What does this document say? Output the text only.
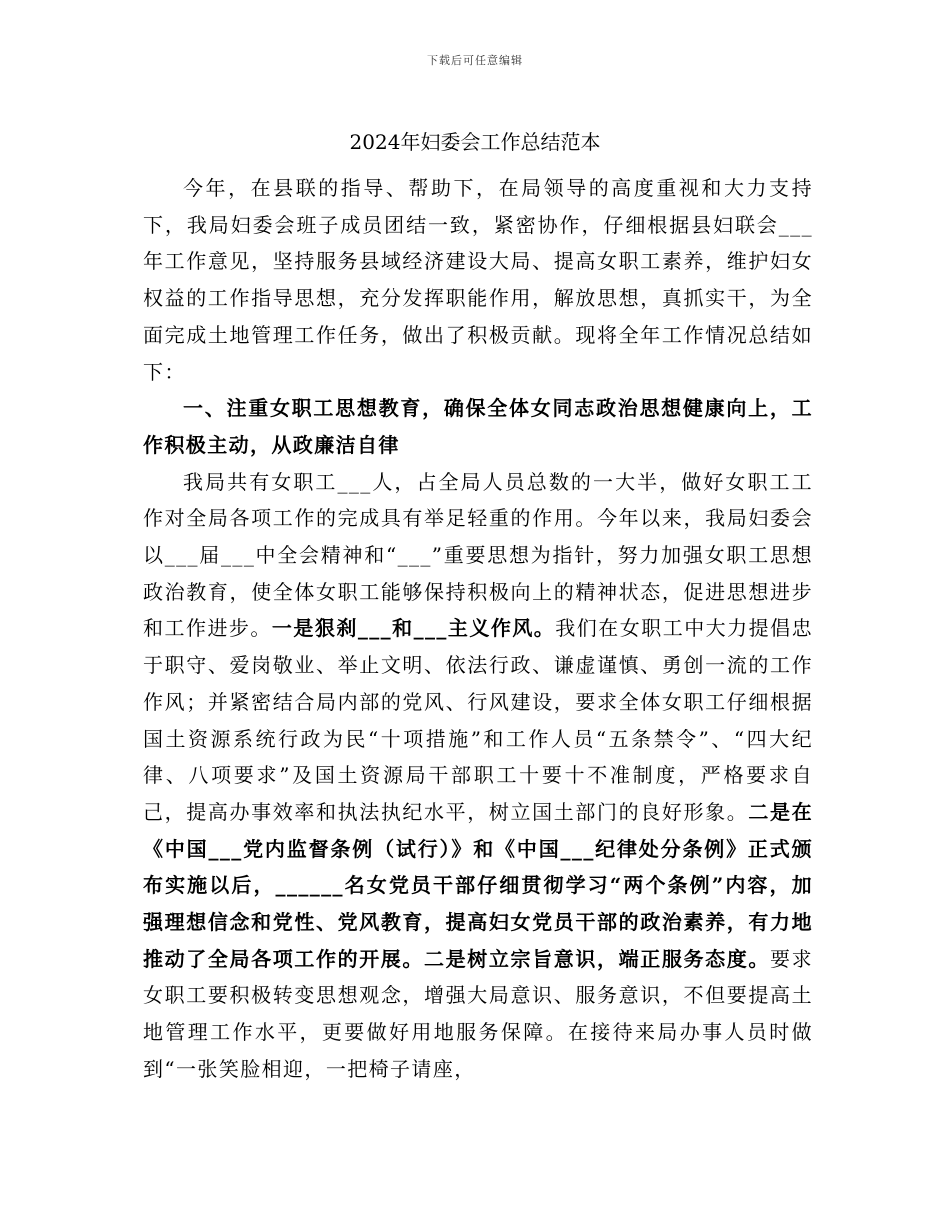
下载后可任意编辑
2024年妇委会工作总结范本

今年，在县联的指导、帮助下，在局领导的高度重视和大力支持下，我局妇委会班子成员团结一致，紧密协作，仔细根据县妇联会___年工作意见，坚持服务县域经济建设大局、提高女职工素养，维护妇女权益的工作指导思想，充分发挥职能作用，解放思想，真抓实干，为全面完成土地管理工作任务，做出了积极贡献。现将全年工作情况总结如下：

一、注重女职工思想教育，确保全体女同志政治思想健康向上，工作积极主动，从政廉洁自律

我局共有女职工___人，占全局人员总数的一大半，做好女职工工作对全局各项工作的完成具有举足轻重的作用。今年以来，我局妇委会以___届___中全会精神和“___”重要思想为指针，努力加强女职工思想政治教育，使全体女职工能够保持积极向上的精神状态，促进思想进步和工作进步。一是狠刹___和___主义作风。我们在女职工中大力提倡忠于职守、爱岗敬业、举止文明、依法行政、谦虚谨慎、勇创一流的工作作风；并紧密结合局内部的党风、行风建设，要求全体女职工仔细根据国土资源系统行政为民“十项措施”和工作人员“五条禁令”、“四大纪律、八项要求”及国土资源局干部职工十要十不准制度，严格要求自己，提高办事效率和执法执纪水平，树立国土部门的良好形象。二是在《中国___党内监督条例（试行）》和《中国___纪律处分条例》正式颁布实施以后，______名女党员干部仔细贯彻学习“两个条例”内容，加强理想信念和党性、党风教育，提高妇女党员干部的政治素养，有力地推动了全局各项工作的开展。二是树立宗旨意识，端正服务态度。要求女职工要积极转变思想观念，增强大局意识、服务意识，不但要提高土地管理工作水平，更要做好用地服务保障。在接待来局办事人员时做到“一张笑脸相迎，一把椅子请座，
